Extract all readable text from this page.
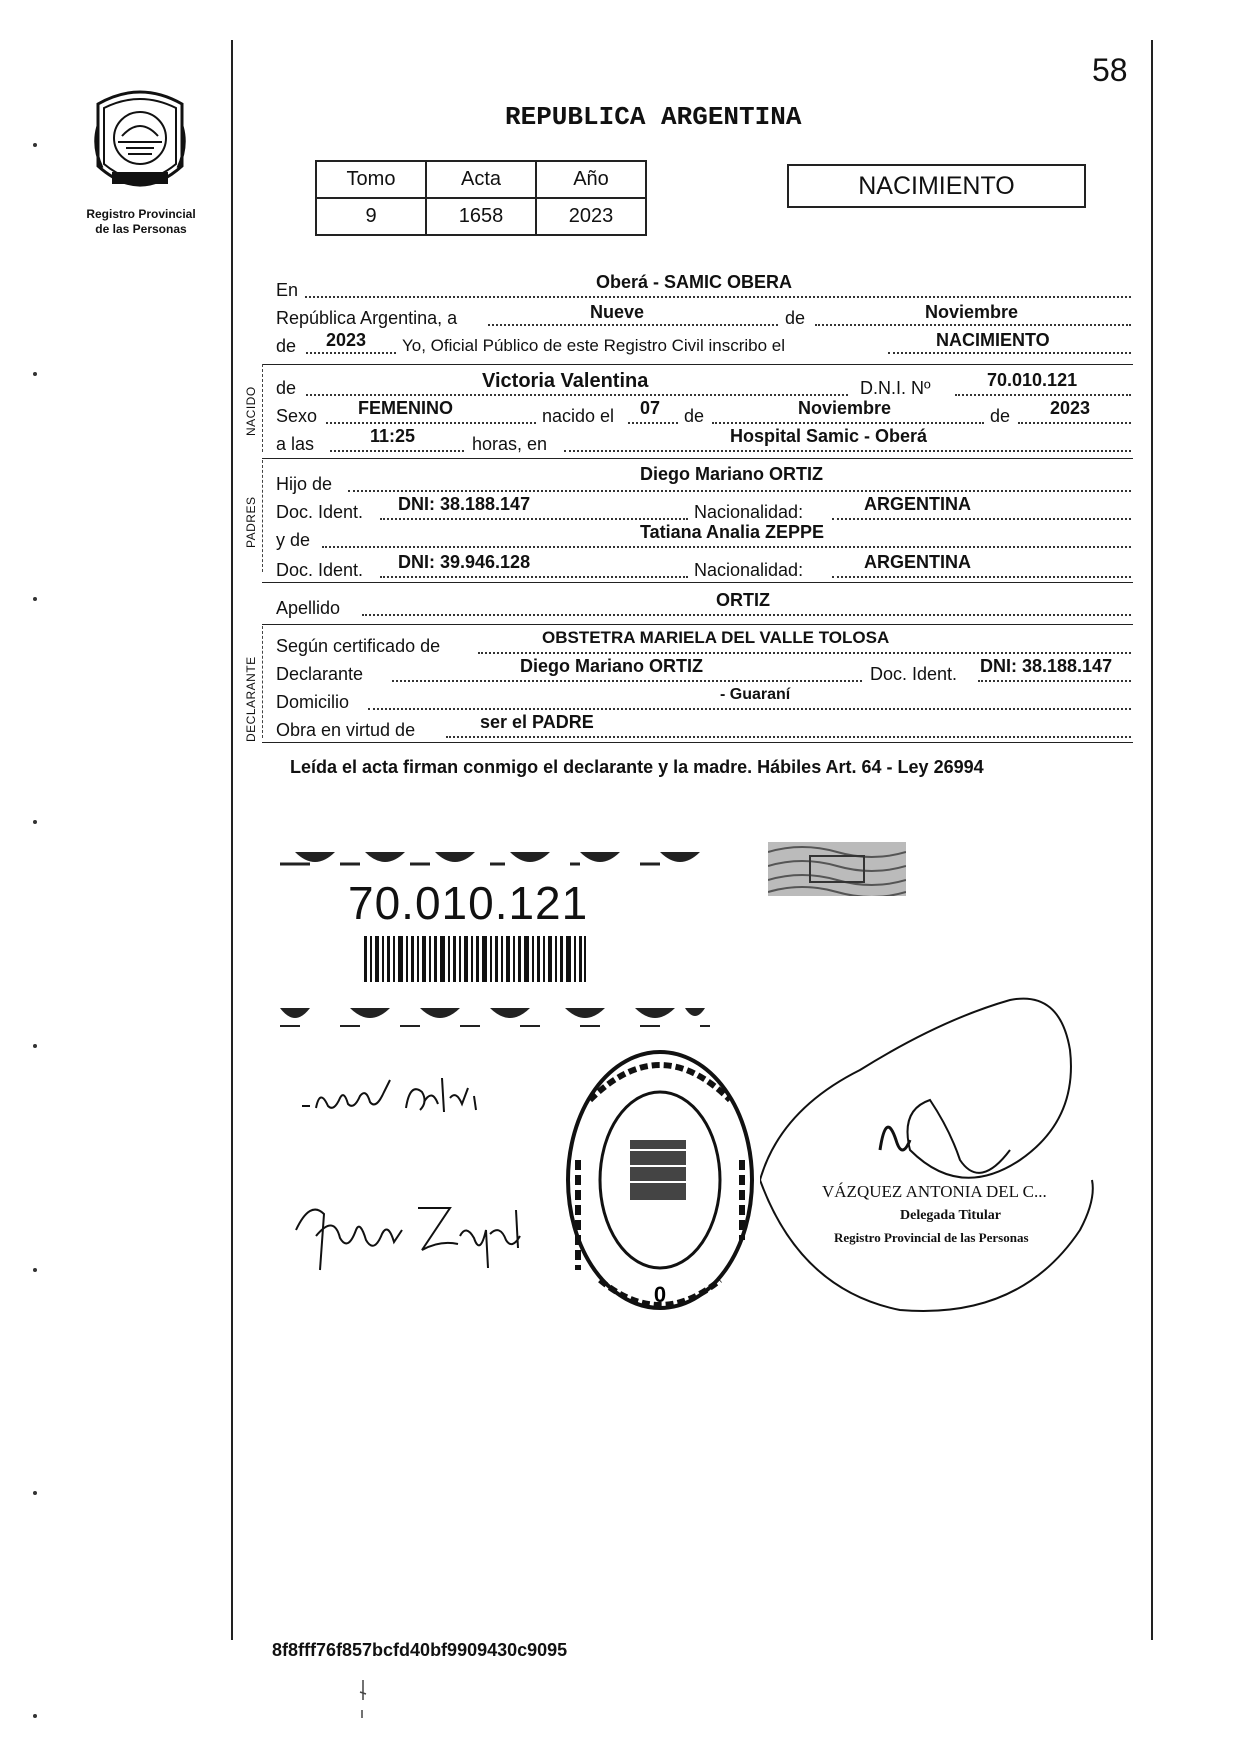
58
Registro Provincial
de las Personas
REPUBLICA ARGENTINA
Tomo	Acta	Año
9	1658	2023
NACIMIENTO
En	Oberá - SAMIC OBERA
República Argentina, a	Nueve	de	Noviembre
de 2023 Yo, Oficial Público de este Registro Civil inscribo el	NACIMIENTO
NACIDO de	Victoria Valentina	D.N.I. Nº	70.010.121
Sexo FEMENINO	nacido el 07 de	Noviembre	de 2023
a las	11:25	horas, en	Hospital Samic - Oberá
PADRES
Hijo de	Diego Mariano ORTIZ
Doc. Ident. DNI: 38.188.147	Nacionalidad:	ARGENTINA
y de	Tatiana Analia ZEPPE
Doc. Ident. DNI: 39.946.128	Nacionalidad:	ARGENTINA
Apellido	ORTIZ
DECLARANTE
Según certificado de	OBSTETRA MARIELA DEL VALLE TOLOSA
Declarante	Diego Mariano ORTIZ	Doc. Ident. DNI: 38.188.147
Domicilio	- Guaraní
Obra en virtud de	ser el PADRE
Leída el acta firman conmigo el declarante y la madre. Hábiles Art. 64 - Ley 26994
70.010.121
0
VÁZQUEZ ANTONIA DEL C...
Delegada Titular
Registro Provincial de las Personas
8f8fff76f857bcfd40bf9909430c9095
